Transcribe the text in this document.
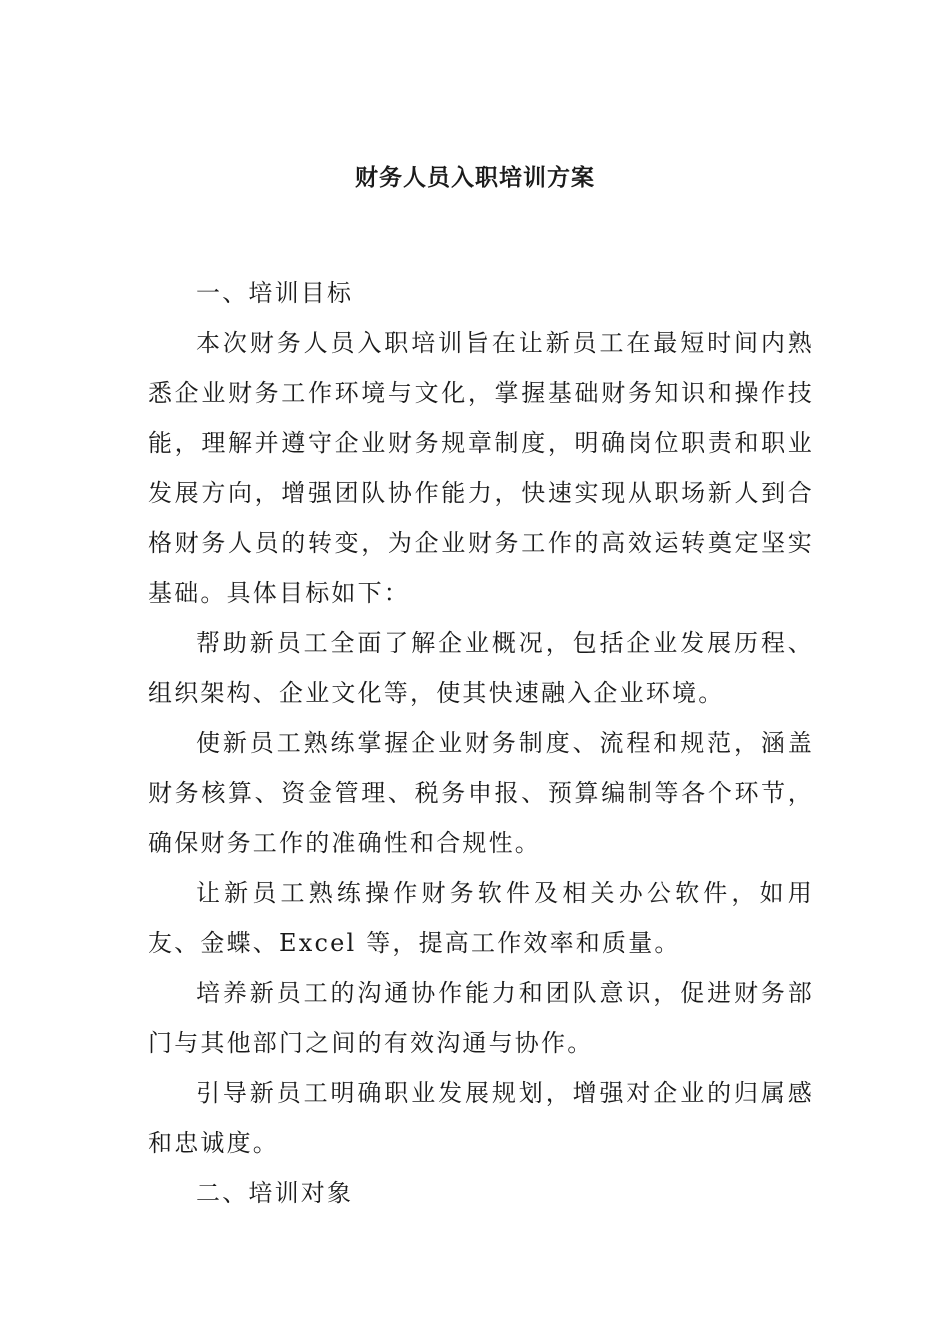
财务人员入职培训方案

一、培训目标

本次财务人员入职培训旨在让新员工在最短时间内熟悉企业财务工作环境与文化，掌握基础财务知识和操作技能，理解并遵守企业财务规章制度，明确岗位职责和职业发展方向，增强团队协作能力，快速实现从职场新人到合格财务人员的转变，为企业财务工作的高效运转奠定坚实基础。具体目标如下：

帮助新员工全面了解企业概况，包括企业发展历程、组织架构、企业文化等，使其快速融入企业环境。

使新员工熟练掌握企业财务制度、流程和规范，涵盖财务核算、资金管理、税务申报、预算编制等各个环节，确保财务工作的准确性和合规性。

让新员工熟练操作财务软件及相关办公软件，如用友、金蝶、Excel 等，提高工作效率和质量。

培养新员工的沟通协作能力和团队意识，促进财务部门与其他部门之间的有效沟通与协作。

引导新员工明确职业发展规划，增强对企业的归属感和忠诚度。

二、培训对象
